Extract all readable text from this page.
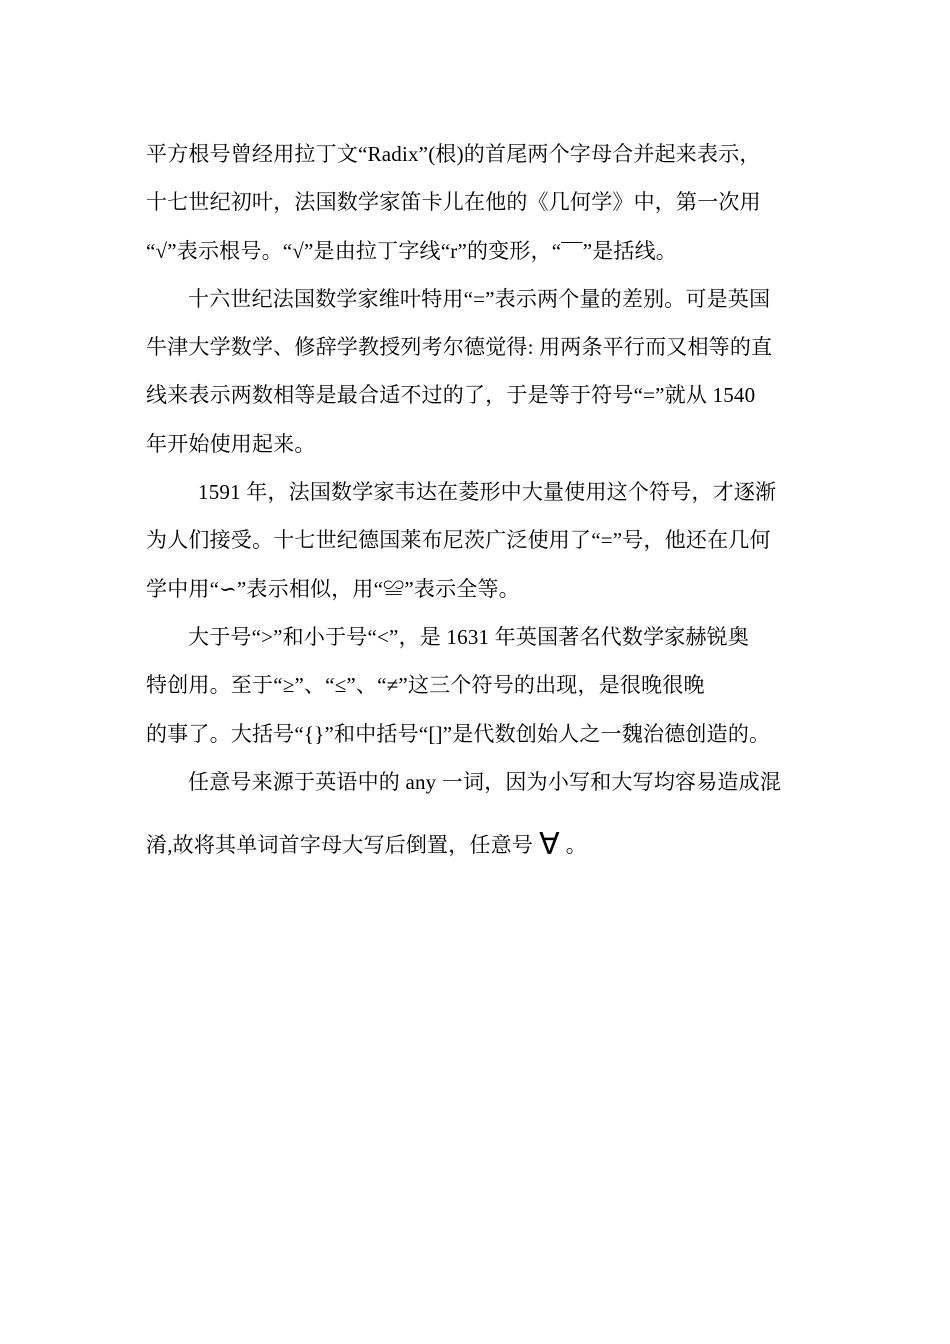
平方根号曾经用拉丁文“Radix”(根)的首尾两个字母合并起来表示，
十七世纪初叶，法国数学家笛卡儿在他的《几何学》中，第一次用
“√”表示根号。“√”是由拉丁字线“r”的变形，“¯¯”是括线。
十六世纪法国数学家维叶特用“=”表示两个量的差别。可是英国
牛津大学数学、修辞学教授列考尔德觉得: 用两条平行而又相等的直
线来表示两数相等是最合适不过的了，于是等于符号“=”就从 1540
年开始使用起来。
1591 年，法国数学家韦达在菱形中大量使用这个符号，才逐渐
为人们接受。十七世纪德国莱布尼茨广泛使用了“=”号，他还在几何
学中用“∽”表示相似，用“≌”表示全等。
大于号“>”和小于号“<”，是 1631 年英国著名代数学家赫锐奥
特创用。至于“≥”、“≤”、“≠”这三个符号的出现，是很晚很晚
的事了。大括号“{}”和中括号“[]”是代数创始人之一魏治德创造的。
任意号来源于英语中的 any 一词，因为小写和大写均容易造成混
淆,故将其单词首字母大写后倒置，任意号 ∀ 。
